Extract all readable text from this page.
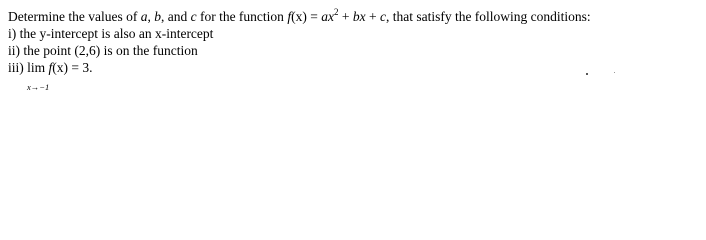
Determine the values of a, b, and c for the function $f(x) = ax^2$ + bx + c, that satisfy the following conditions:
i) the y-intercept is also an x-intercept
ii) the point (2,6) is on the function
iii) lim f(x) = 3.
x→−1
